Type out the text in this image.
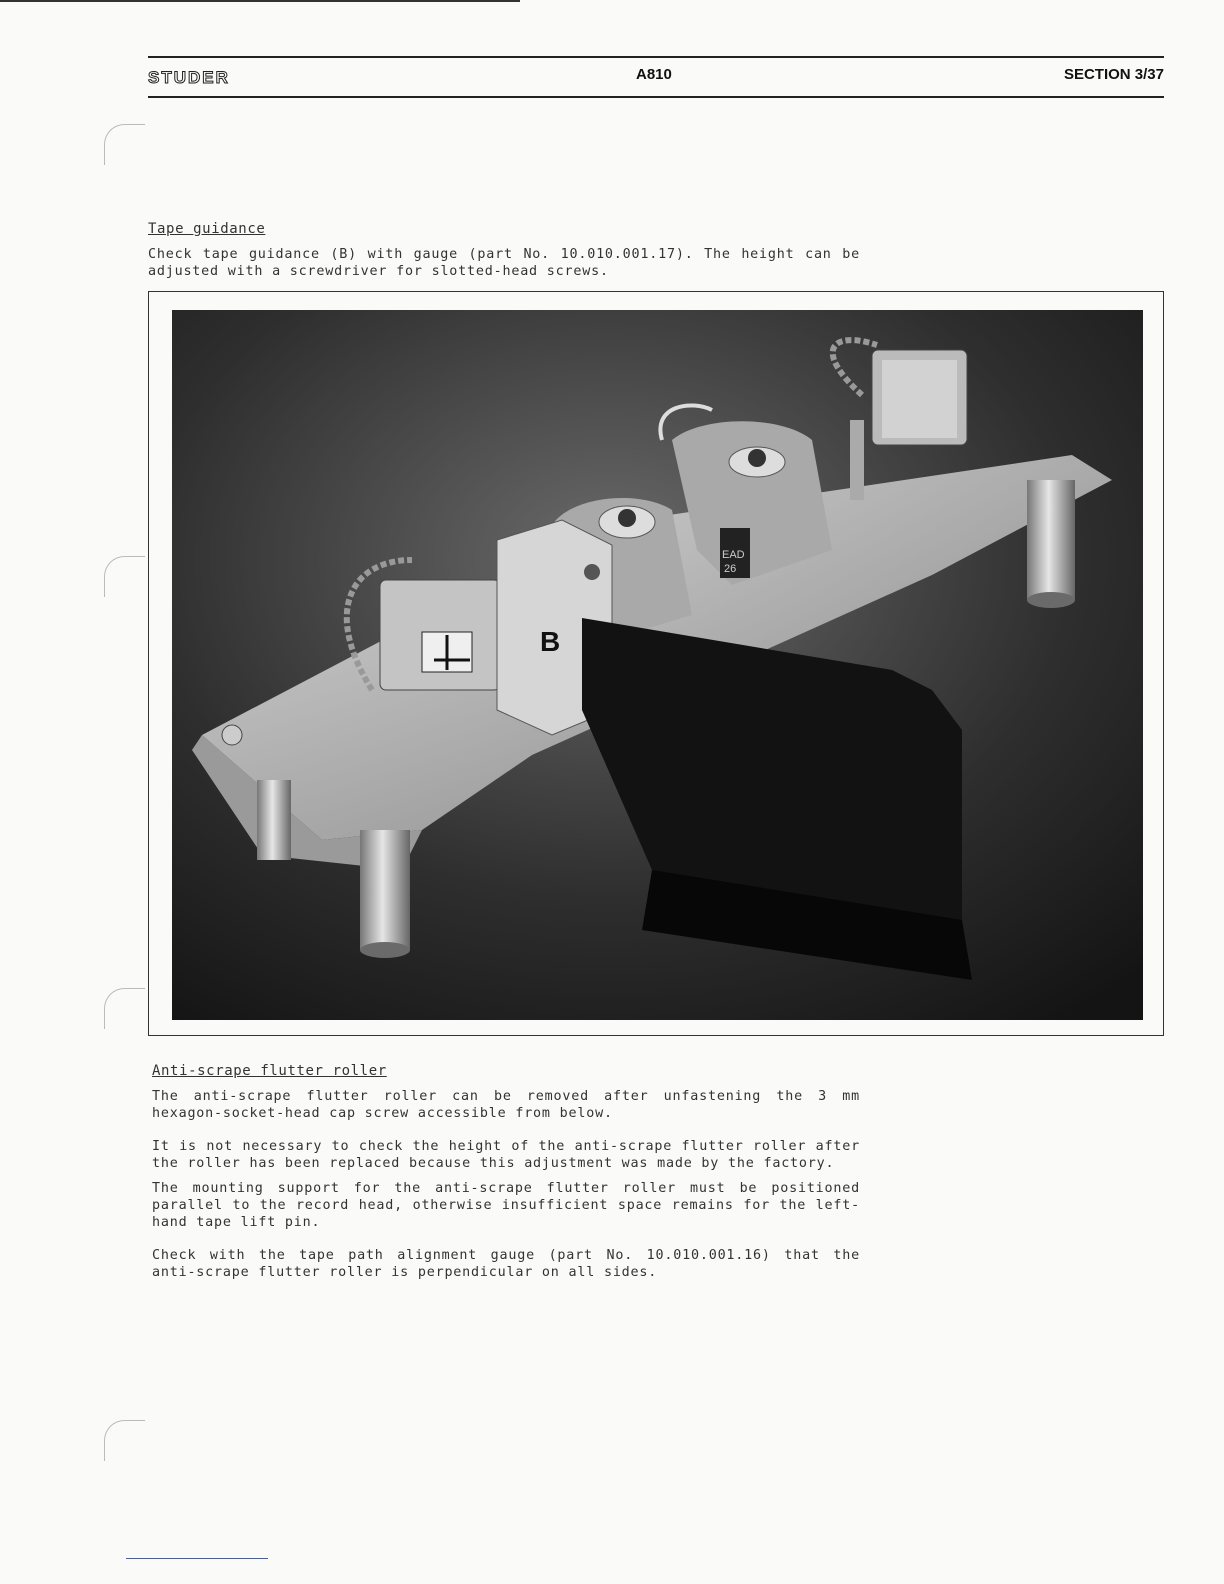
STUDER	A810	SECTION 3/37
Tape guidance
Check tape guidance (B) with gauge (part No. 10.010.001.17). The height can be adjusted with a screwdriver for slotted-head screws.
B
EAD
26
Anti-scrape flutter roller
The anti-scrape flutter roller can be removed after unfastening the 3 mm hexagon-socket-head cap screw accessible from below.
It is not necessary to check the height of the anti-scrape flutter roller after the roller has been replaced because this adjustment was made by the factory.
The mounting support for the anti-scrape flutter roller must be positioned parallel to the record head, otherwise insufficient space remains for the left-hand tape lift pin.
Check with the tape path alignment gauge (part No. 10.010.001.16) that the anti-scrape flutter roller is perpendicular on all sides.
